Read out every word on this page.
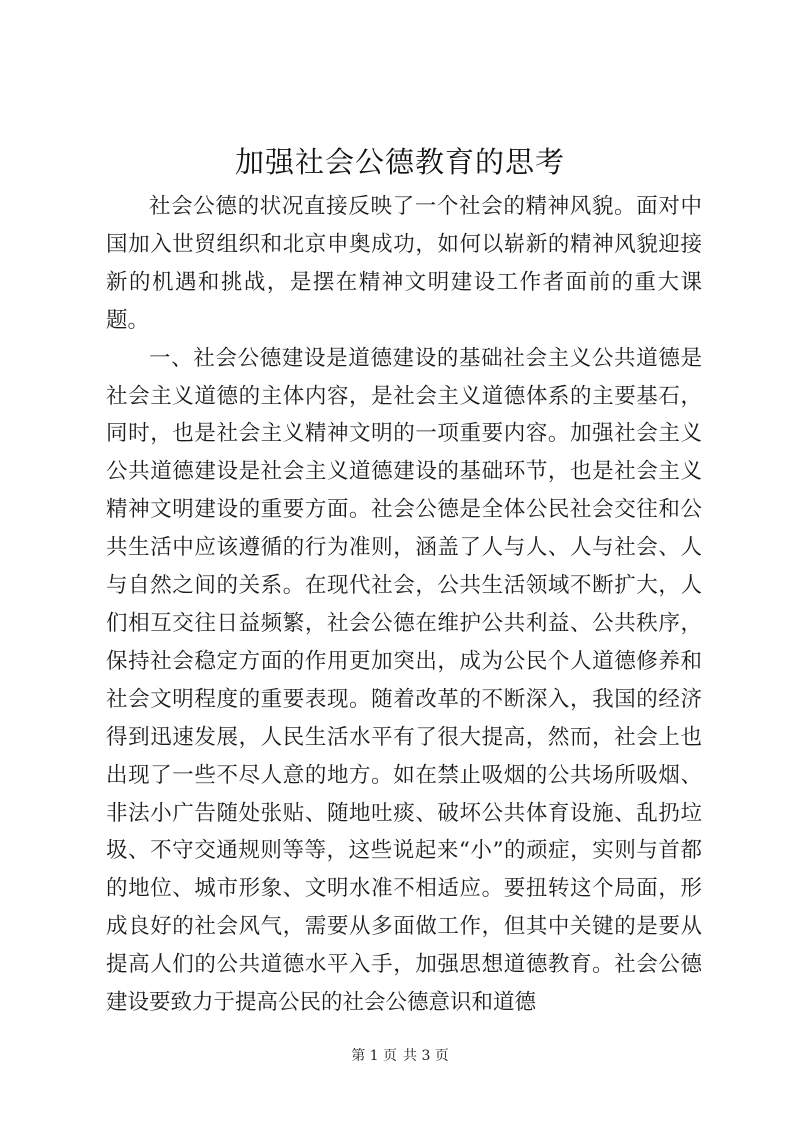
加强社会公德教育的思考

社会公德的状况直接反映了一个社会的精神风貌。面对中国加入世贸组织和北京申奥成功，如何以崭新的精神风貌迎接新的机遇和挑战，是摆在精神文明建设工作者面前的重大课题。

一、社会公德建设是道德建设的基础社会主义公共道德是社会主义道德的主体内容，是社会主义道德体系的主要基石，同时，也是社会主义精神文明的一项重要内容。加强社会主义公共道德建设是社会主义道德建设的基础环节，也是社会主义精神文明建设的重要方面。社会公德是全体公民社会交往和公共生活中应该遵循的行为准则，涵盖了人与人、人与社会、人与自然之间的关系。在现代社会，公共生活领域不断扩大，人们相互交往日益频繁，社会公德在维护公共利益、公共秩序，保持社会稳定方面的作用更加突出，成为公民个人道德修养和社会文明程度的重要表现。随着改革的不断深入，我国的经济得到迅速发展，人民生活水平有了很大提高，然而，社会上也出现了一些不尽人意的地方。如在禁止吸烟的公共场所吸烟、非法小广告随处张贴、随地吐痰、破坏公共体育设施、乱扔垃圾、不守交通规则等等，这些说起来“小”的顽症，实则与首都的地位、城市形象、文明水准不相适应。要扭转这个局面，形成良好的社会风气，需要从多面做工作，但其中关键的是要从提高人们的公共道德水平入手，加强思想道德教育。社会公德建设要致力于提高公民的社会公德意识和道德

第 1 页 共 3 页
